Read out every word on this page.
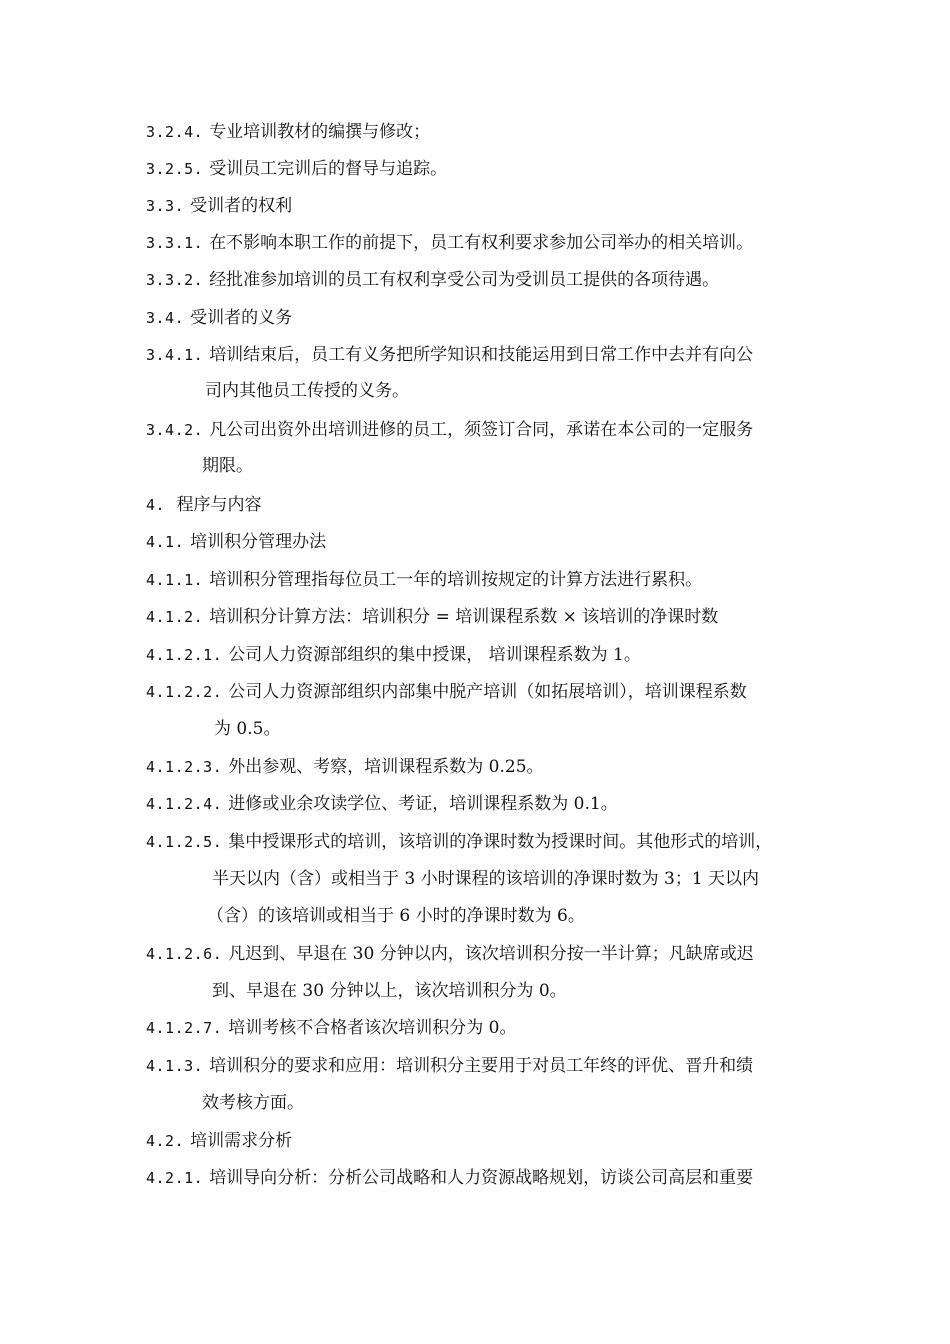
3.2.4. 专业培训教材的编撰与修改；
3.2.5. 受训员工完训后的督导与追踪。
3.3. 受训者的权利
3.3.1. 在不影响本职工作的前提下，员工有权利要求参加公司举办的相关培训。
3.3.2. 经批准参加培训的员工有权利享受公司为受训员工提供的各项待遇。
3.4. 受训者的义务
3.4.1. 培训结束后，员工有义务把所学知识和技能运用到日常工作中去并有向公
司内其他员工传授的义务。
3.4.2. 凡公司出资外出培训进修的员工，须签订合同，承诺在本公司的一定服务
期限。
4. 程序与内容
4.1. 培训积分管理办法
4.1.1. 培训积分管理指每位员工一年的培训按规定的计算方法进行累积。
4.1.2. 培训积分计算方法：培训积分 = 培训课程系数 × 该培训的净课时数
4.1.2.1. 公司人力资源部组织的集中授课， 培训课程系数为 1。
4.1.2.2. 公司人力资源部组织内部集中脱产培训（如拓展培训），培训课程系数
为 0.5。
4.1.2.3. 外出参观、考察，培训课程系数为 0.25。
4.1.2.4. 进修或业余攻读学位、考证，培训课程系数为 0.1。
4.1.2.5. 集中授课形式的培训，该培训的净课时数为授课时间。其他形式的培训，
半天以内（含）或相当于 3 小时课程的该培训的净课时数为 3；1 天以内
（含）的该培训或相当于 6 小时的净课时数为 6。
4.1.2.6. 凡迟到、早退在 30 分钟以内，该次培训积分按一半计算；凡缺席或迟
到、早退在 30 分钟以上，该次培训积分为 0。
4.1.2.7. 培训考核不合格者该次培训积分为 0。
4.1.3. 培训积分的要求和应用：培训积分主要用于对员工年终的评优、晋升和绩
效考核方面。
4.2. 培训需求分析
4.2.1. 培训导向分析：分析公司战略和人力资源战略规划，访谈公司高层和重要
